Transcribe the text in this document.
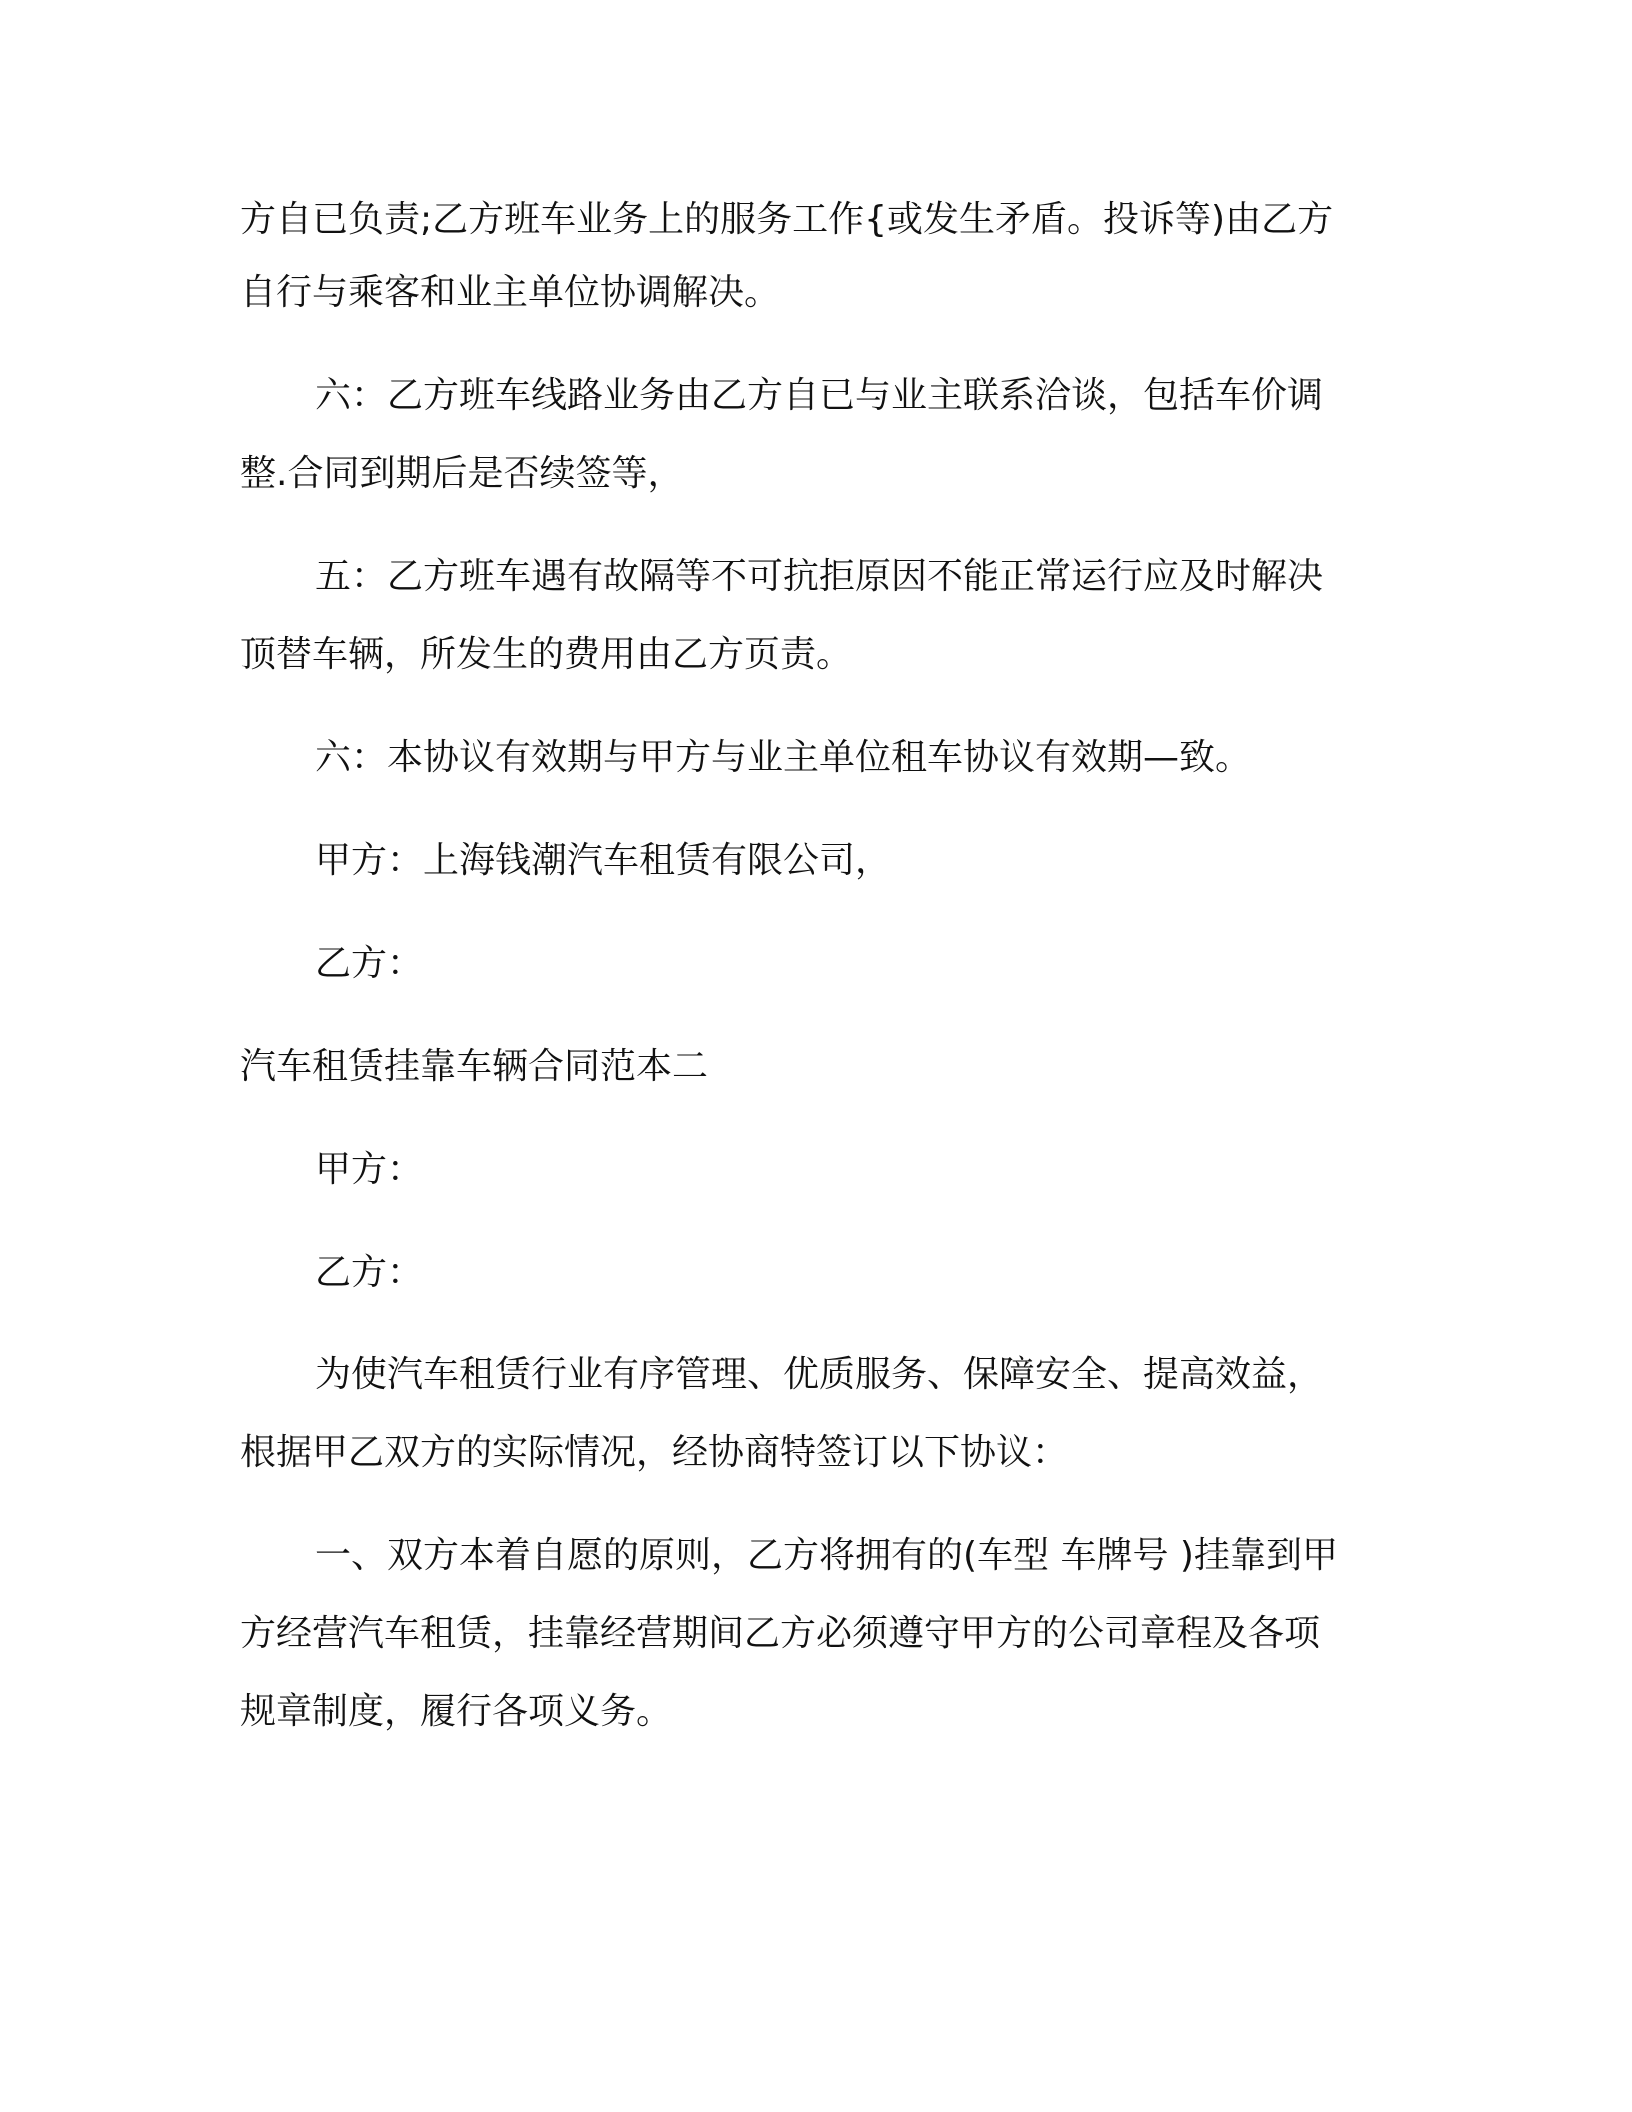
方自已负责;乙方班车业务上的服务工作{或发生矛盾。投诉等)由乙方
自行与乘客和业主单位协调解决。
六：乙方班车线路业务由乙方自已与业主联系洽谈，包括车价调
整.合同到期后是否续签等，
五：乙方班车遇有故隔等不可抗拒原因不能正常运行应及时解决
顶替车辆，所发生的费用由乙方页责。
六：本协议有效期与甲方与业主单位租车协议有效期—致。
甲方：上海钱潮汽车租赁有限公司，
乙方：
汽车租赁挂靠车辆合同范本二
甲方：
乙方：
为使汽车租赁行业有序管理、优质服务、保障安全、提高效益，
根据甲乙双方的实际情况，经协商特签订以下协议：
一、双方本着自愿的原则，乙方将拥有的(车型 车牌号 )挂靠到甲
方经营汽车租赁，挂靠经营期间乙方必须遵守甲方的公司章程及各项
规章制度，履行各项义务。
